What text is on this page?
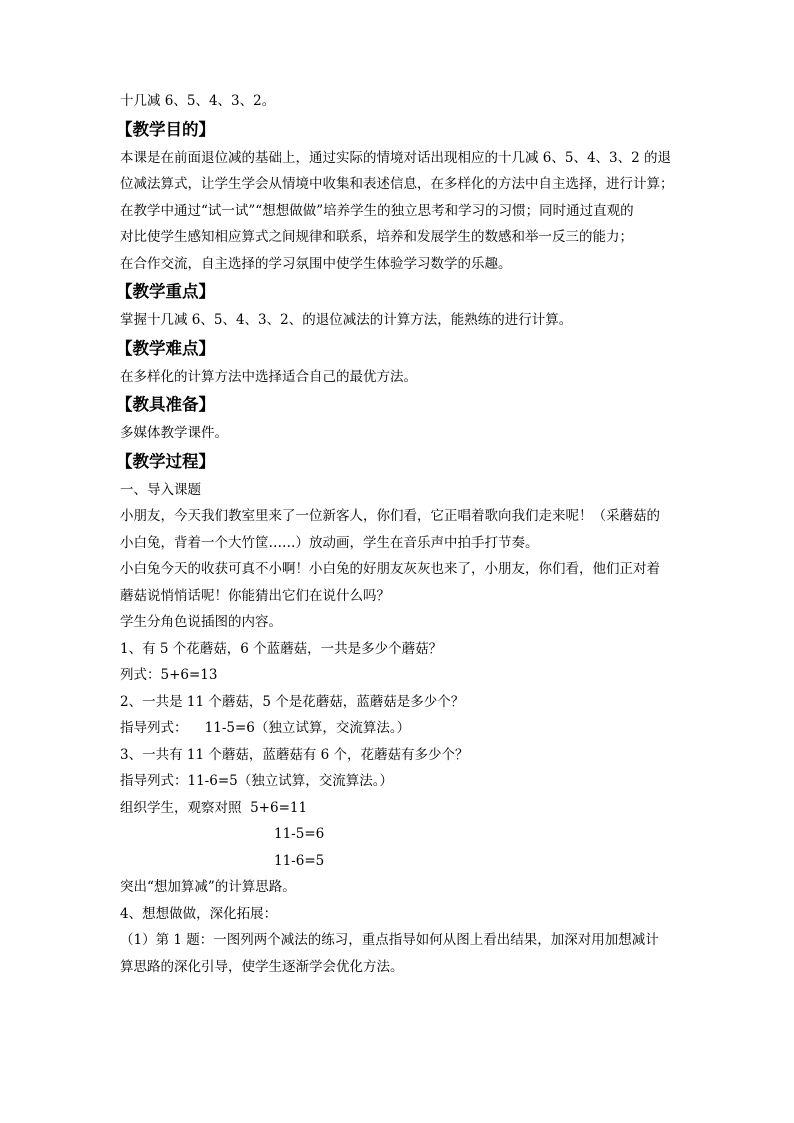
十几减 6、5、4、3、2。
【教学目的】
本课是在前面退位减的基础上，通过实际的情境对话出现相应的十几减 6、5、4、3、2 的退
位减法算式，让学生学会从情境中收集和表述信息，在多样化的方法中自主选择，进行计算；
在教学中通过“试一试”“想想做做”培养学生的独立思考和学习的习惯；同时通过直观的
对比使学生感知相应算式之间规律和联系，培养和发展学生的数感和举一反三的能力；
在合作交流，自主选择的学习氛围中使学生体验学习数学的乐趣。
【教学重点】
掌握十几减 6、5、4、3、2、的退位减法的计算方法，能熟练的进行计算。
【教学难点】
在多样化的计算方法中选择适合自己的最优方法。
【教具准备】
多媒体教学课件。
【教学过程】
一、导入课题
小朋友，今天我们教室里来了一位新客人，你们看，它正唱着歌向我们走来呢！（采蘑菇的
小白兔，背着一个大竹筐……）放动画，学生在音乐声中拍手打节奏。
小白兔今天的收获可真不小啊！小白兔的好朋友灰灰也来了，小朋友，你们看，他们正对着
蘑菇说悄悄话呢！你能猜出它们在说什么吗？
学生分角色说插图的内容。
1、有 5 个花蘑菇，6 个蓝蘑菇，一共是多少个蘑菇？
列式：5+6=13
2、一共是 11 个蘑菇，5 个是花蘑菇，蓝蘑菇是多少个？
指导列式：    11-5=6（独立试算，交流算法。）
3、一共有 11 个蘑菇，蓝蘑菇有 6 个，花蘑菇有多少个？
指导列式：11-6=5（独立试算，交流算法。）
组织学生，观察对照  5+6=11
11-5=6
11-6=5
突出“想加算减”的计算思路。
4、想想做做，深化拓展：
（1）第 1 题：一图列两个减法的练习，重点指导如何从图上看出结果，加深对用加想减计
算思路的深化引导，使学生逐渐学会优化方法。
